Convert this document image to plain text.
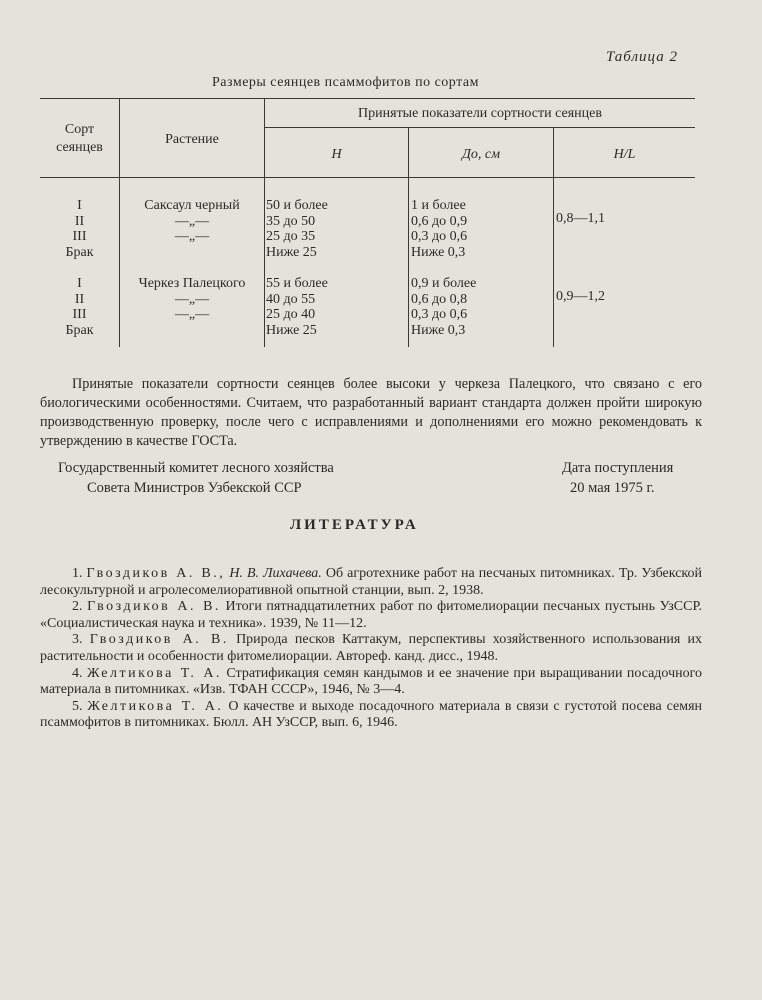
Таблица 2
Размеры сеянцев псаммофитов по сортам
Сорт
сеянцев
Растение
Принятые показатели сортности сеянцев
H	Дo, см	H/L
I
II
III
Брак
Саксаул черный
—„—
—„—
50 и более
35 до 50
25 до 35
Ниже 25
1 и более
0,6 до 0,9
0,3 до 0,6
Ниже 0,3
0,8—1,1
I
II
III
Брак
Черкез Палецкого
—„—
—„—
55 и более
40 до 55
25 до 40
Ниже 25
0,9 и более
0,6 до 0,8
0,3 до 0,6
Ниже 0,3
0,9—1,2

Принятые показатели сортности сеянцев более высоки у черкеза Палецкого, что связано с его биологическими особенностями. Считаем, что разработанный вариант стандарта должен пройти широкую производственную проверку, после чего с исправлениями и дополнениями его можно рекомендовать к утверждению в качестве ГОСТа.

Государственный комитет лесного хозяйства
Совета Министров Узбекской ССР
Дата поступления
20 мая 1975 г.
ЛИТЕРАТУРА

1. Гвоздиков А. В., Н. В. Лихачева. Об агротехнике работ на песчаных питомниках. Тр. Узбекской лесокультурной и агролесомелиоративной опытной станции, вып. 2, 1938.

2. Гвоздиков А. В. Итоги пятнадцатилетних работ по фитомелиорации песчаных пустынь УзССР. «Социалистическая наука и техника». 1939, № 11—12.

3. Гвоздиков А. В. Природа песков Каттакум, перспективы хозяйственного использования их растительности и особенности фитомелиорации. Автореф. канд. дисс., 1948.

4. Желтикова Т. А. Стратификация семян кандымов и ее значение при выращивании посадочного материала в питомниках. «Изв. ТФАН СССР», 1946, № 3—4.

5. Желтикова Т. А. О качестве и выходе посадочного материала в связи с густотой посева семян псаммофитов в питомниках. Бюлл. АН УзССР, вып. 6, 1946.
